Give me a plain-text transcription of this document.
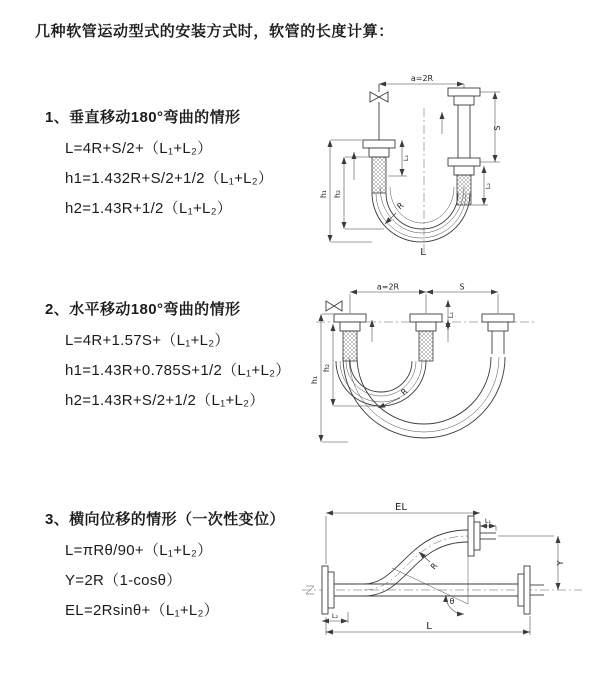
几种软管运动型式的安装方式时，软管的长度计算：
1、垂直移动180°弯曲的情形

L=4R+S/2+（L₁+L₂）

h1=1.432R+S/2+1/2（L₁+L₂）

h2=1.43R+1/2（L₁+L₂）

a=2R
h₁ h₂
S
L₂
L₁
R
L
2、水平移动180°弯曲的情形

L=4R+1.57S+（L₁+L₂）

h1=1.43R+0.785S+1/2（L₁+L₂）

h2=1.43R+S/2+1/2（L₁+L₂）

a=2R	S
h₁
h₂
L₁
R
3、横向位移的情形（一次性变位）

L=πRθ/90+（L₁+L₂）

Y=2R（1-cosθ）

EL=2Rsinθ+（L₁+L₂）

θ
R
EL
L₁
Y
L₂
L
